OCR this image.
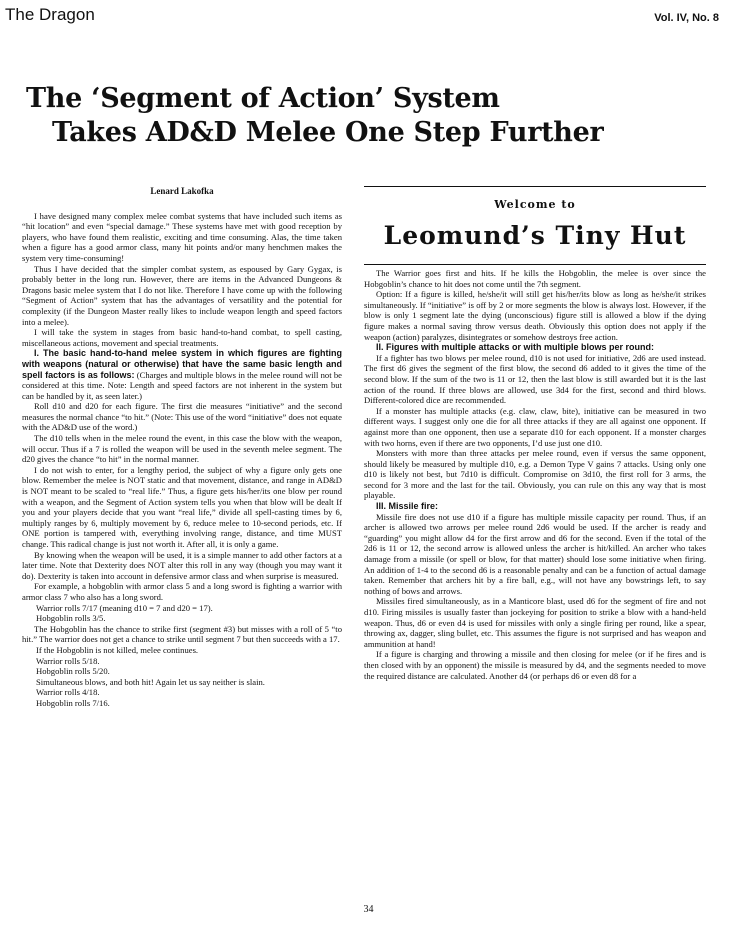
The Dragon	Vol. IV, No. 8
The ‘Segment of Action’ System
Takes AD&D Melee One Step Further
Lenard Lakofka

I have designed many complex melee combat systems that have included such items as “hit location” and even “special damage.” These systems have met with good reception by players, who have found them realistic, exciting and time consuming. Alas, the time taken when a figure has a good armor class, many hit points and/or many henchmen makes the system very time-consuming!

Thus I have decided that the simpler combat system, as espoused by Gary Gygax, is probably better in the long run. However, there are items in the Advanced Dungeons & Dragons basic melee system that I do not like. Therefore I have come up with the following “Segment of Action” system that has the advantages of versatility and the potential for complexity (if the Dungeon Master really likes to include weapon length and speed factors into a melee).

I will take the system in stages from basic hand-to-hand combat, to spell casting, miscellaneous actions, movement and special treatments.

I. The basic hand-to-hand melee system in which figures are fighting with weapons (natural or otherwise) that have the same basic length and spell factors is as follows: (Charges and multiple blows in the melee round will not be considered at this time. Note: Length and speed factors are not inherent in the system but can be handled by it, as seen later.)

Roll d10 and d20 for each figure. The first die measures “initiative” and the second measures the normal chance “to hit.” (Note: This use of the word “initiative” does not equate with the AD&D use of the word.)

The d10 tells when in the melee round the event, in this case the blow with the weapon, will occur. Thus if a 7 is rolled the weapon will be used in the seventh melee segment. The d20 gives the chance “to hit” in the normal manner.

I do not wish to enter, for a lengthy period, the subject of why a figure only gets one blow. Remember the melee is NOT static and that movement, distance, and range in AD&D is NOT meant to be scaled to “real life.” Thus, a figure gets his/her/its one blow per round with a weapon, and the Segment of Action system tells you when that blow will be dealt If you and your players decide that you want “real life,” divide all spell-casting times by 6, multiply ranges by 6, multiply movement by 6, reduce melee to 10-second periods, etc. If ONE portion is tampered with, everything involving range, distance, and time MUST change. This radical change is just not worth it. After all, it is only a game.

By knowing when the weapon will be used, it is a simple manner to add other factors at a later time. Note that Dexterity does NOT alter this roll in any way (though you may want it do). Dexterity is taken into account in defensive armor class and when surprise is measured.

For example, a hobgoblin with armor class 5 and a long sword is fighting a warrior with armor class 7 who also has a long sword.

Warrior rolls 7/17 (meaning d10 = 7 and d20 = 17).

Hobgoblin rolls 3/5.

The Hobgoblin has the chance to strike first (segment #3) but misses with a roll of 5 “to hit.” The warrior does not get a chance to strike until segment 7 but then succeeds with a 17.

If the Hobgoblin is not killed, melee continues.

Warrior rolls 5/18.

Hobgoblin rolls 5/20.

Simultaneous blows, and both hit! Again let us say neither is slain.

Warrior rolls 4/18.

Hobgoblin rolls 7/16.

Welcome to
Leomund’s Tiny Hut

The Warrior goes first and hits. If he kills the Hobgoblin, the melee is over since the Hobgoblin’s chance to hit does not come until the 7th segment.

Option: If a figure is killed, he/she/it will still get his/her/its blow as long as he/she/it strikes simultaneously. If “initiative” is off by 2 or more segments the blow is always lost. However, if the blow is only 1 segment late the dying (unconscious) figure still is allowed a blow if the dying figure makes a normal saving throw versus death. Obviously this option does not apply if the weapon (action) paralyzes, disintegrates or somehow destroys free action.

II. Figures with multiple attacks or with multiple blows per round:

If a fighter has two blows per melee round, d10 is not used for initiative, 2d6 are used instead. The first d6 gives the segment of the first blow, the second d6 added to it gives the time of the second blow. If the sum of the two is 11 or 12, then the last blow is still awarded but it is the last action of the round. If three blows are allowed, use 3d4 for the first, second and third blows. Different-colored dice are recommended.

If a monster has multiple attacks (e.g. claw, claw, bite), initiative can be measured in two different ways. I suggest only one die for all three attacks if they are all against one opponent. If against more than one opponent, then use a separate d10 for each opponent. If a monster charges with two horns, even if there are two opponents, I’d use just one d10.

Monsters with more than three attacks per melee round, even if versus the same opponent, should likely be measured by multiple d10, e.g. a Demon Type V gains 7 attacks. Using only one d10 is likely not best, but 7d10 is difficult. Compromise on 3d10, the first roll for 3 arms, the second for 3 more and the last for the tail. Obviously, you can rule on this any way that is most playable.

III. Missile fire:

Missile fire does not use d10 if a figure has multiple missile capacity per round. Thus, if an archer is allowed two arrows per melee round 2d6 would be used. If the archer is ready and “guarding” you might allow d4 for the first arrow and d6 for the second. Even if the total of the 2d6 is 11 or 12, the second arrow is allowed unless the archer is hit/killed. An archer who takes damage from a missile (or spell or blow, for that matter) should lose some initiative when firing. An addition of 1-4 to the second d6 is a reasonable penalty and can be a function of actual damage taken. Remember that archers hit by a fire ball, e.g., will not have any bowstrings left, to say nothing of bows and arrows.

Missiles fired simultaneously, as in a Manticore blast, used d6 for the segment of fire and not d10. Firing missiles is usually faster than jockeying for position to strike a blow with a hand-held weapon. Thus, d6 or even d4 is used for missiles with only a single firing per round, like a spear, throwing ax, dagger, sling bullet, etc. This assumes the figure is not surprised and has weapon and ammunition at hand!

If a figure is charging and throwing a missile and then closing for melee (or if he fires and is then closed with by an opponent) the missile is measured by d4, and the segments needed to move the required distance are calculated. Another d4 (or perhaps d6 or even d8 for a

34
